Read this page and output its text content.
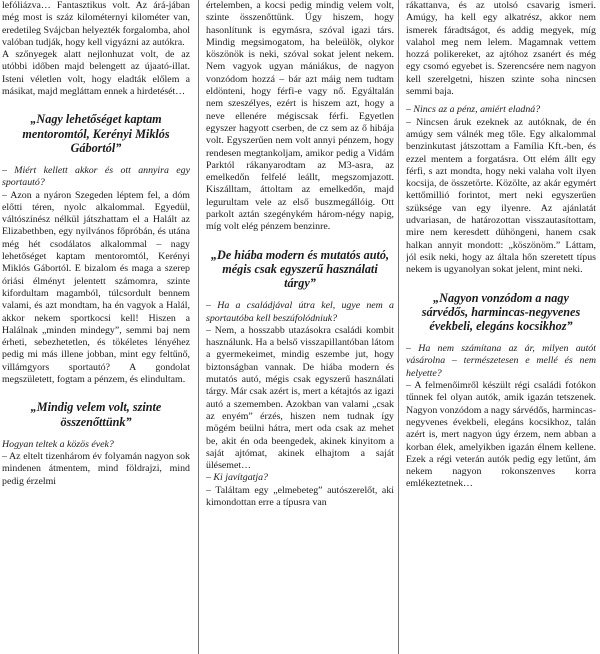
lefóliázva… Fantasztikus volt. Az árá-jában még most is száz kilométernyi kilométer van, eredetileg Svájcban helyezték forgalomba, ahol valóban tudják, hogy kell vigyázni az autókra.

A szőnyegek alatt nejlonhuzat volt, de az utóbbi időben majd belengett az újaató-illat. Isteni véletlen volt, hogy eladták előlem a másikat, majd megláttam ennek a hirdetését…

„Nagy lehetőséget kaptam mentoromtól, Kerényi Miklós Gábortól”

– Miért kellett akkor és ott annyira egy sportautó?

– Azon a nyáron Szegeden léptem fel, a dóm előtti téren, nyolc alkalommal. Egyedül, váltószínész nélkül játszhattam el a Halált az Elizabethben, egy nyilvános főpróbán, és utána még hét csodálatos alkalommal – nagy lehetőséget kaptam mentoromtól, Kerényi Miklós Gábortól. E bizalom és maga a szerep óriási élményt jelentett számomra, szinte kifordultam magamból, túlcsordult bennem valami, és azt mondtam, ha én vagyok a Halál, akkor nekem sportkocsi kell! Hiszen a Halálnak „minden mindegy”, semmi baj nem érheti, sebezhetetlen, és tökéletes lényéhez pedig mi más illene jobban, mint egy feltűnő, villámgyors sportautó? A gondolat megszületett, fogtam a pénzem, és elindultam.

„Mindig velem volt, szinte összenőttünk”

Hogyan teltek a közös évek?

– Az eltelt tizenhárom év folyamán nagyon sok mindenen átmentem, mind földrajzi, mind pedig érzelmi

értelemben, a kocsi pedig mindig velem volt, szinte összenőttünk. Úgy hiszem, hogy hasonlítunk is egymásra, szóval igazi társ. Mindig megsimogatom, ha beleülök, olykor köszönök is neki, szóval sokat jelent nekem. Nem vagyok ugyan mániákus, de nagyon vonzódom hozzá – bár azt máig nem tudtam eldönteni, hogy férfi-e vagy nő. Egyáltalán nem szeszélyes, ezért is hiszem azt, hogy a neve ellenére mégiscsak férfi. Egyetlen egyszer hagyott cserben, de cz sem az ő hibája volt. Egyszerűen nem volt annyi pénzem, hogy rendesen megtankoljam, amikor pedig a Vidám Parktól rákanyarodtam az M3-asra, az emelkedőn felfelé leállt, megszomjazott. Kiszálltam, áttoltam az emelkedőn, majd legurultam vele az első buszmegállóig. Ott parkolt aztán szegénykém három-négy napig, míg volt elég pénzem benzinre.

„De hiába modern és mutatós autó, mégis csak egyszerű használati tárgy”

– Ha a családjával útra kel, ugye nem a sportautóba kell beszúfolódniuk?

– Nem, a hosszabb utazásokra családi kombit használunk. Ha a belső visszapillantóban látom a gyermekeimet, mindig eszembe jut, hogy biztonságban vannak. De hiába modern és mutatós autó, mégis csak egyszerű használati tárgy. Már csak azért is, mert a kétajtós az igazi autó a szememben. Azokban van valami „csak az enyém” érzés, hiszen nem tudnak így mögém beülni hátra, mert oda csak az mehet be, akit én oda beengedek, akinek kinyitom a saját ajtómat, akinek elhajtom a saját ülésemet…

– Ki javítgatja?

– Találtam egy „elmebeteg” autószerelőt, aki kimondottan erre a típusra van

rákattanva, és az utolsó csavarig ismeri. Amúgy, ha kell egy alkatrész, akkor nem ismerek fáradtságot, és addig megyek, míg valahol meg nem lelem. Magamnak vettem hozzá polikereket, az ajtóhoz zsanért és még egy csomó egyebet is. Szerencsére nem nagyon kell szerelgetni, hiszen szinte soha nincsen semmi baja.

– Nincs az a pénz, amiért eladná?

– Nincsen áruk ezeknek az autóknak, de én amúgy sem válnék meg tőle. Egy alkalommal benzinkutast játszottam a Família Kft.-ben, és ezzel mentem a forgatásra. Ott elém állt egy férfi, s azt mondta, hogy neki valaha volt ilyen kocsija, de összetörte. Közölte, az akár egymért kettőmillió forintot, mert neki egyszerűen szüksége van egy ilyenre. Az ajánlatát udvariasan, de határozottan visszautasítottam, mire nem keresdett dühöngeni, hanem csak halkan annyit mondott: „köszönöm.” Láttam, jól esik neki, hogy az általa hőn szeretett típus nekem is ugyanolyan sokat jelent, mint neki.

„Nagyon vonzódom a nagy sárvédős, harmincas-negyvenes évekbeli, elegáns kocsikhoz”

– Ha nem számítana az ár, milyen autót vásárolna – természetesen e mellé és nem helyette?

– A felmenőimről készült régi családi fotókon tűnnek fel olyan autók, amik igazán tetszenek. Nagyon vonzódom a nagy sárvédős, harmincas-negyvenes évekbeli, elegáns kocsikhoz, talán azért is, mert nagyon úgy érzem, nem abban a korban élek, amelyikben igazán élnem kellene. Ezek a régi veterán autók pedig egy letűnt, ám nekem nagyon rokonszenves korra emlékeztetnek…
